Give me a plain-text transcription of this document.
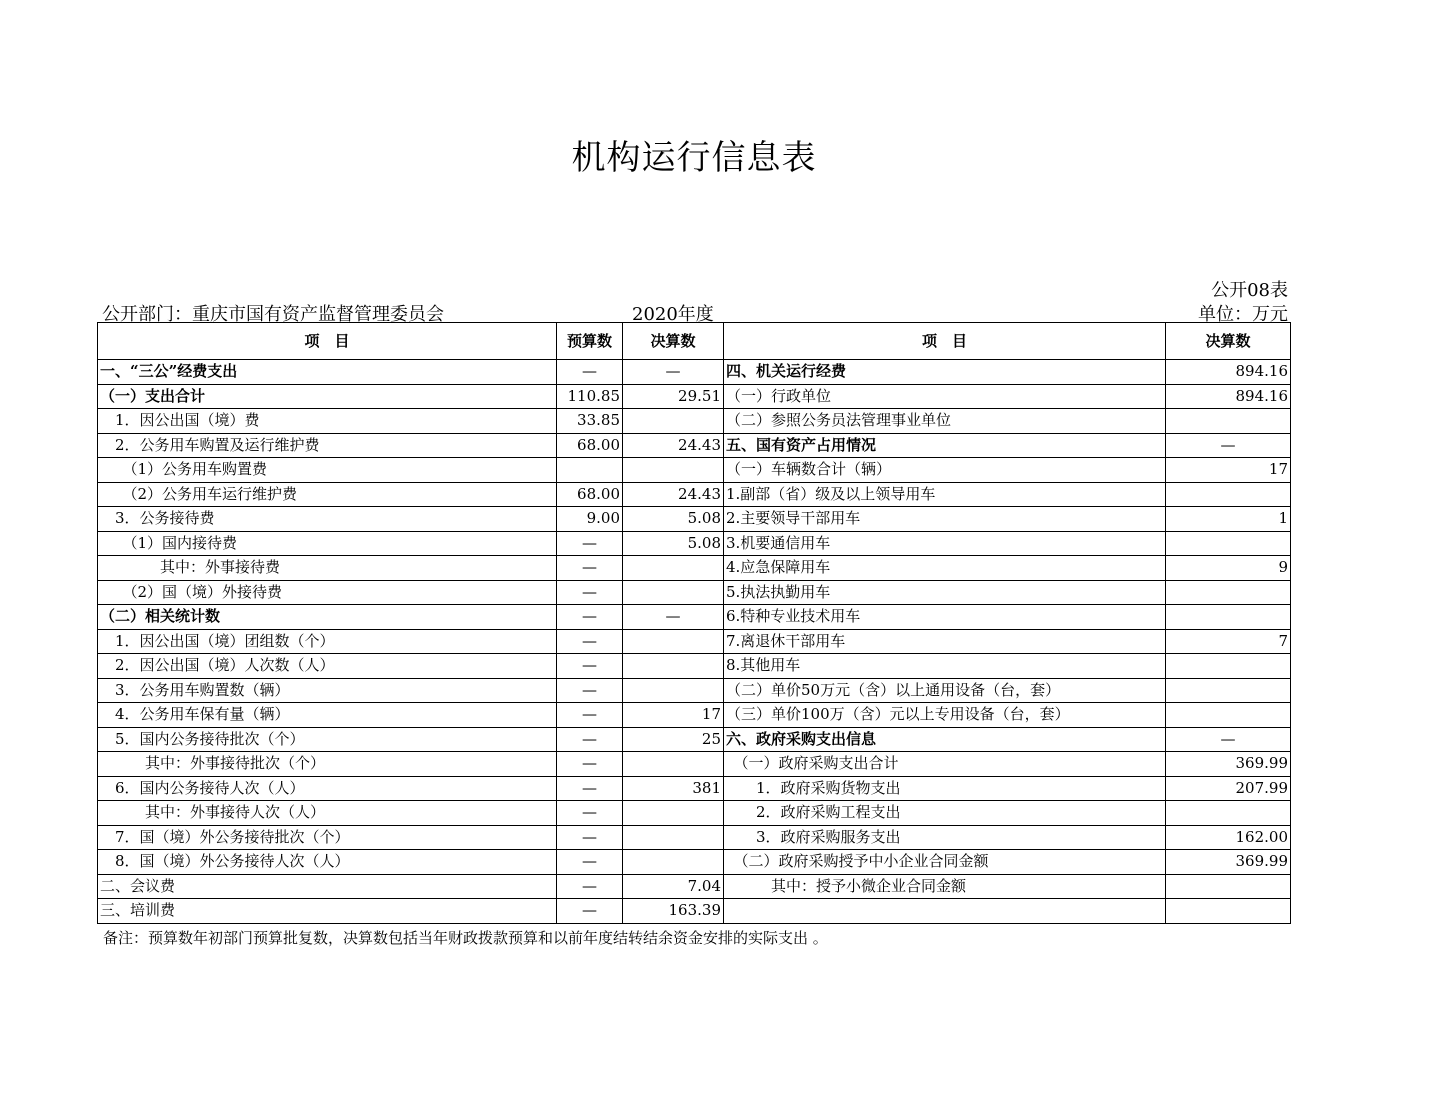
机构运行信息表
公开08表
公开部门：重庆市国有资产监督管理委员会	2020年度	单位：万元
项　目	预算数	决算数	项　目	决算数
一、“三公”经费支出	—	—	四、机关运行经费	894.16
（一）支出合计	110.85	29.51	（一）行政单位	894.16
　1．因公出国（境）费	33.85		（二）参照公务员法管理事业单位	
　2．公务用车购置及运行维护费	68.00	24.43	五、国有资产占用情况	—
　　（1）公务用车购置费			（一）车辆数合计（辆）	17
　　（2）公务用车运行维护费	68.00	24.43	1.副部（省）级及以上领导用车	
　3．公务接待费	9.00	5.08	2.主要领导干部用车	1
　　（1）国内接待费	—	5.08	3.机要通信用车	
　　　　其中：外事接待费	—		4.应急保障用车	9
　　（2）国（境）外接待费	—		5.执法执勤用车	
（二）相关统计数	—	—	6.特种专业技术用车	
　1．因公出国（境）团组数（个）	—		7.离退休干部用车	7
　2．因公出国（境）人次数（人）	—		8.其他用车	
　3．公务用车购置数（辆）	—		（二）单价50万元（含）以上通用设备（台，套）	
　4．公务用车保有量（辆）	—	17	（三）单价100万（含）元以上专用设备（台，套）	
　5．国内公务接待批次（个）	—	25	六、政府采购支出信息	—
　　　其中：外事接待批次（个）	—		　（一）政府采购支出合计	369.99
　6．国内公务接待人次（人）	—	381	　　1．政府采购货物支出	207.99
　　　其中：外事接待人次（人）	—		　　2．政府采购工程支出	
　7．国（境）外公务接待批次（个）	—		　　3．政府采购服务支出	162.00
　8．国（境）外公务接待人次（人）	—		　（二）政府采购授予中小企业合同金额	369.99
二、会议费	—	7.04	　　　其中：授予小微企业合同金额	
三、培训费	—	163.39		
备注：预算数年初部门预算批复数，决算数包括当年财政拨款预算和以前年度结转结余资金安排的实际支出 。
